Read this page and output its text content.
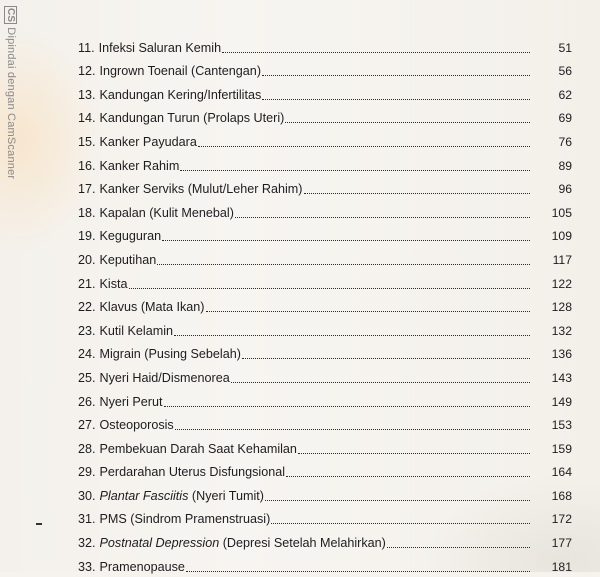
CSDipindai dengan CamScanner	11. Infeksi Saluran Kemih	51
12. Ingrown Toenail (Cantengan)	56
13. Kandungan Kering/Infertilitas	62
14. Kandungan Turun (Prolaps Uteri)	69
15. Kanker Payudara	76
16. Kanker Rahim	89
17. Kanker Serviks (Mulut/Leher Rahim)	96
18. Kapalan (Kulit Menebal)	105
19. Keguguran	109
20. Keputihan	117
21. Kista	122
22. Klavus (Mata Ikan)	128
23. Kutil Kelamin	132
24. Migrain (Pusing Sebelah)	136
25. Nyeri Haid/Dismenorea	143
26. Nyeri Perut	149
27. Osteoporosis	153
28. Pembekuan Darah Saat Kehamilan	159
29. Perdarahan Uterus Disfungsional	164
30. Plantar Fasciitis (Nyeri Tumit)	168
31. PMS (Sindrom Pramenstruasi)	172
32. Postnatal Depression (Depresi Setelah Melahirkan)	177
33. Pramenopause	181
